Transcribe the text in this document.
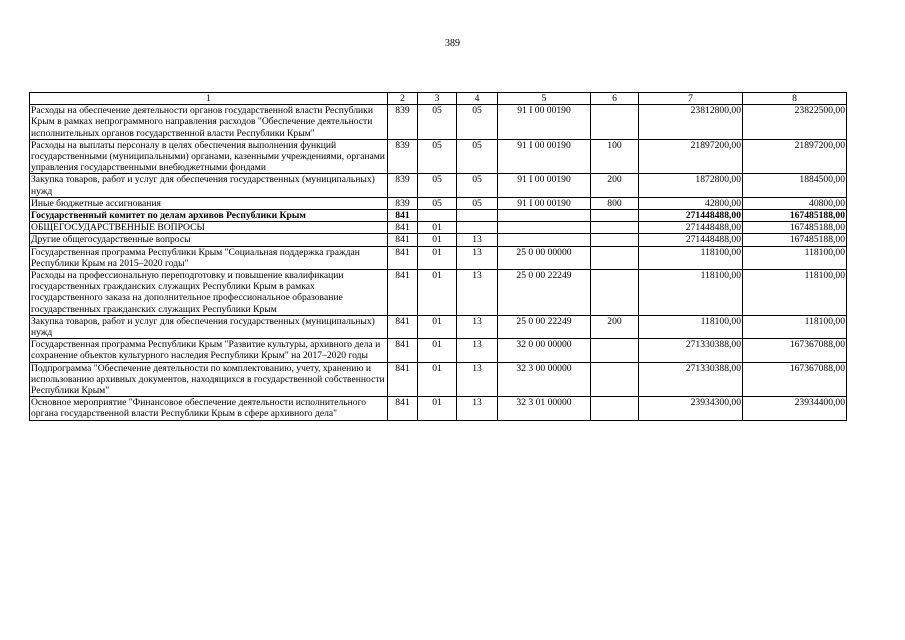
389
1	2	3	4	5	6	7	8
Расходы на обеспечение деятельности органов государственной власти Республики Крым в рамках непрограммного направления расходов "Обеспечение деятельности исполнительных органов государственной власти Республики Крым"	839	05	05	91 I 00 00190		23812800,00	23822500,00
Расходы на выплаты персоналу в целях обеспечения выполнения функций государственными (муниципальными) органами, казенными учреждениями, органами управления государственными внебюджетными фондами	839	05	05	91 I 00 00190	100	21897200,00	21897200,00
Закупка товаров, работ и услуг для обеспечения государственных (муниципальных) нужд	839	05	05	91 I 00 00190	200	1872800,00	1884500,00
Иные бюджетные ассигнования	839	05	05	91 I 00 00190	800	42800,00	40800,00
Государственный комитет по делам архивов Республики Крым	841					271448488,00	167485188,00
ОБЩЕГОСУДАРСТВЕННЫЕ ВОПРОСЫ	841	01				271448488,00	167485188,00
Другие общегосударственные вопросы	841	01	13			271448488,00	167485188,00
Государственная программа Республики Крым "Социальная поддержка граждан Республики Крым на 2015–2020 годы"	841	01	13	25 0 00 00000		118100,00	118100,00
Расходы на профессиональную переподготовку и повышение квалификации государственных гражданских служащих Республики Крым в рамках государственного заказа на дополнительное профессиональное образование государственных гражданских служащих Республики Крым	841	01	13	25 0 00 22249		118100,00	118100,00
Закупка товаров, работ и услуг для обеспечения государственных (муниципальных) нужд	841	01	13	25 0 00 22249	200	118100,00	118100,00
Государственная программа Республики Крым "Развитие культуры, архивного дела и сохранение объектов культурного наследия Республики Крым" на 2017–2020 годы	841	01	13	32 0 00 00000		271330388,00	167367088,00
Подпрограмма "Обеспечение деятельности по комплектованию, учету, хранению и использованию архивных документов, находящихся в государственной собственности Республики Крым"	841	01	13	32 3 00 00000		271330388,00	167367088,00
Основное мероприятие "Финансовое обеспечение деятельности исполнительного органа государственной власти Республики Крым в сфере архивного дела"	841	01	13	32 3 01 00000		23934300,00	23934400,00
